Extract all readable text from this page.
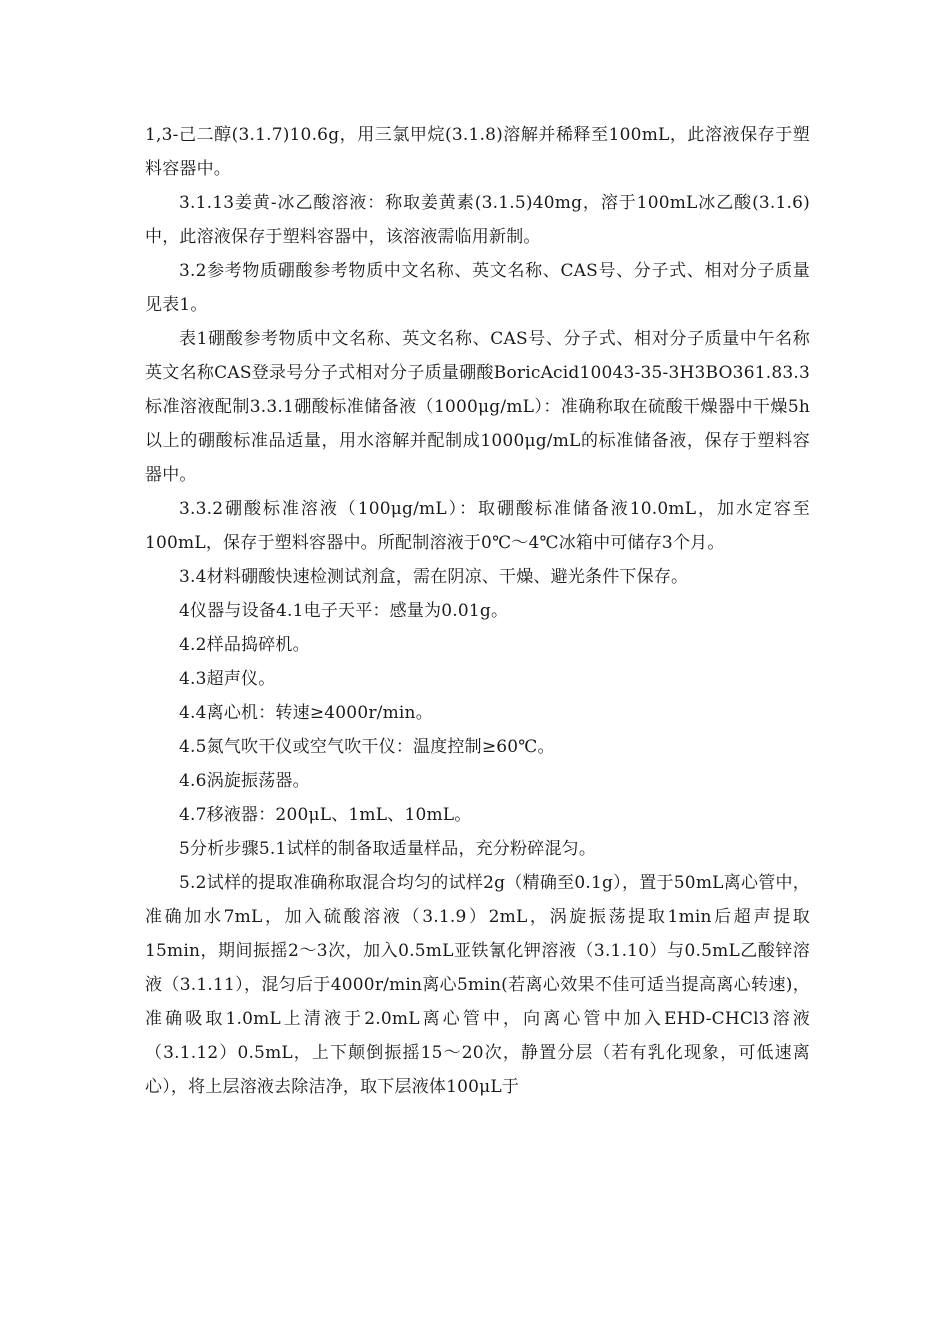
1,3-己二醇(3.1.7)10.6g，用三氯甲烷(3.1.8)溶解并稀释至100mL，此溶液保存于塑料容器中。

3.1.13姜黄-冰乙酸溶液：称取姜黄素(3.1.5)40mg，溶于100mL冰乙酸(3.1.6)中，此溶液保存于塑料容器中，该溶液需临用新制。

3.2参考物质硼酸参考物质中文名称、英文名称、CAS号、分子式、相对分子质量见表1。

表1硼酸参考物质中文名称、英文名称、CAS号、分子式、相对分子质量中午名称英文名称CAS登录号分子式相对分子质量硼酸BoricAcid10043-35-3H3BO361.83.3标准溶液配制3.3.1硼酸标准储备液（1000μg/mL）：准确称取在硫酸干燥器中干燥5h以上的硼酸标准品适量，用水溶解并配制成1000μg/mL的标准储备液，保存于塑料容器中。

3.3.2硼酸标准溶液（100μg/mL）：取硼酸标准储备液10.0mL，加水定容至100mL，保存于塑料容器中。所配制溶液于0℃～4℃冰箱中可储存3个月。

3.4材料硼酸快速检测试剂盒，需在阴凉、干燥、避光条件下保存。

4仪器与设备4.1电子天平：感量为0.01g。

4.2样品捣碎机。

4.3超声仪。

4.4离心机：转速≥4000r/min。

4.5氮气吹干仪或空气吹干仪：温度控制≥60℃。

4.6涡旋振荡器。

4.7移液器：200μL、1mL、10mL。

5分析步骤5.1试样的制备取适量样品，充分粉碎混匀。

5.2试样的提取准确称取混合均匀的试样2g（精确至0.1g），置于50mL离心管中，准确加水7mL，加入硫酸溶液（3.1.9）2mL，涡旋振荡提取1min后超声提取15min，期间振摇2～3次，加入0.5mL亚铁氰化钾溶液（3.1.10）与0.5mL乙酸锌溶液（3.1.11），混匀后于4000r/min离心5min(若离心效果不佳可适当提高离心转速)，准确吸取1.0mL上清液于2.0mL离心管中，向离心管中加入EHD-CHCl3溶液（3.1.12）0.5mL，上下颠倒振摇15～20次，静置分层（若有乳化现象，可低速离心），将上层溶液去除洁净，取下层液体100μL于
